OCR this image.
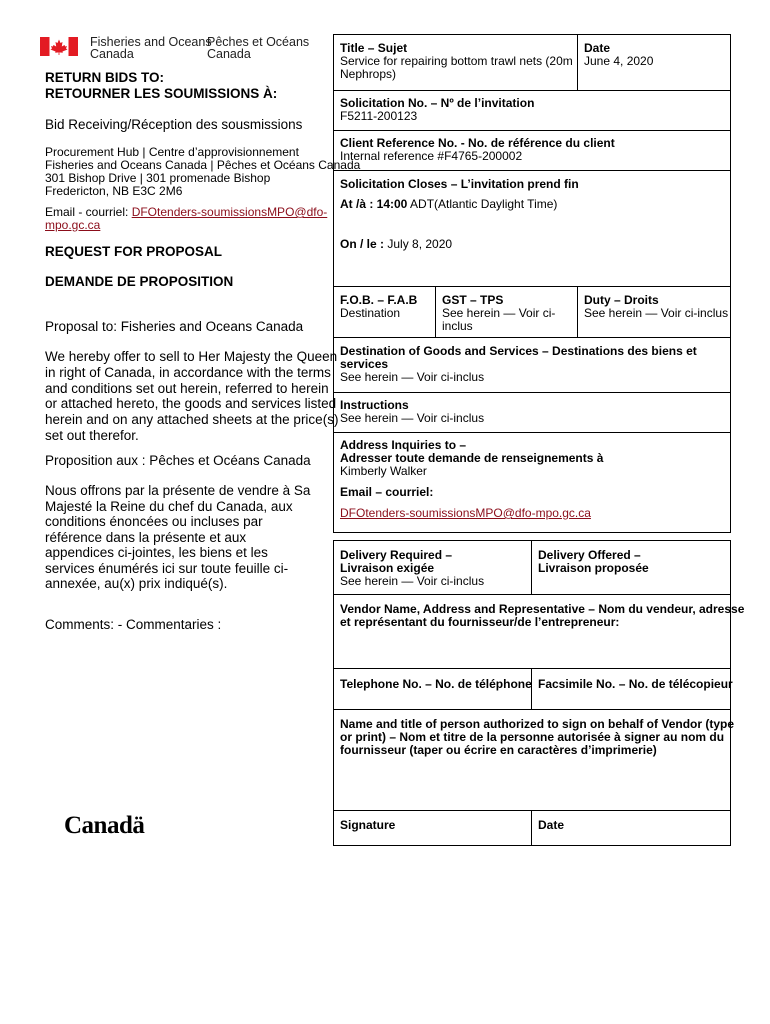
Fisheries and Oceans
Canada
Pêches et Océans
Canada
RETURN BIDS TO:
RETOURNER LES SOUMISSIONS À:
Bid Receiving/Réception des sousmissions
Procurement Hub | Centre d’approvisionnement
Fisheries and Oceans Canada | Pêches et Océans Canada
301 Bishop Drive | 301 promenade Bishop
Fredericton, NB E3C 2M6
Email - courriel: DFOtenders-soumissionsMPO@dfo-
mpo.gc.ca
REQUEST FOR PROPOSAL
DEMANDE DE PROPOSITION
Proposal to: Fisheries and Oceans Canada
We hereby offer to sell to Her Majesty the Queen
in right of Canada, in accordance with the terms
and conditions set out herein, referred to herein
or attached hereto, the goods and services listed
herein and on any attached sheets at the price(s)
set out therefor.
Proposition aux : Pêches et Océans Canada
Nous offrons par la présente de vendre à Sa
Majesté la Reine du chef du Canada, aux
conditions énoncées ou incluses par
référence dans la présente et aux
appendices ci-jointes, les biens et les
services énumérés ici sur toute feuille ci-
annexée, au(x) prix indiqué(s).
Comments: - Commentaries :
Canadä
Title – Sujet
Service for repairing bottom trawl nets (20m
Nephrops)
Date
June 4, 2020
Solicitation No. – Nº de l’invitation
F5211-200123
Client Reference No. - No. de référence du client
Internal reference #F4765-200002
Solicitation Closes – L’invitation prend fin
At /à : 14:00 ADT(Atlantic Daylight Time)
On / le : July 8, 2020
F.O.B. – F.A.B
Destination
GST – TPS
See herein — Voir ci-
inclus
Duty – Droits
See herein — Voir ci-inclus
Destination of Goods and Services – Destinations des biens et
services
See herein — Voir ci-inclus
Instructions
See herein — Voir ci-inclus
Address Inquiries to –
Adresser toute demande de renseignements à
Kimberly Walker
Email – courriel:
DFOtenders-soumissionsMPO@dfo-mpo.gc.ca
Delivery Required –
Livraison exigée
See herein — Voir ci-inclus
Delivery Offered –
Livraison proposée
Vendor Name, Address and Representative – Nom du vendeur, adresse
et représentant du fournisseur/de l’entrepreneur:
Telephone No. – No. de téléphone Facsimile No. – No. de télécopieur
Name and title of person authorized to sign on behalf of Vendor (type
or print) – Nom et titre de la personne autorisée à signer au nom du
fournisseur (taper ou écrire en caractères d’imprimerie)
Signature	Date
